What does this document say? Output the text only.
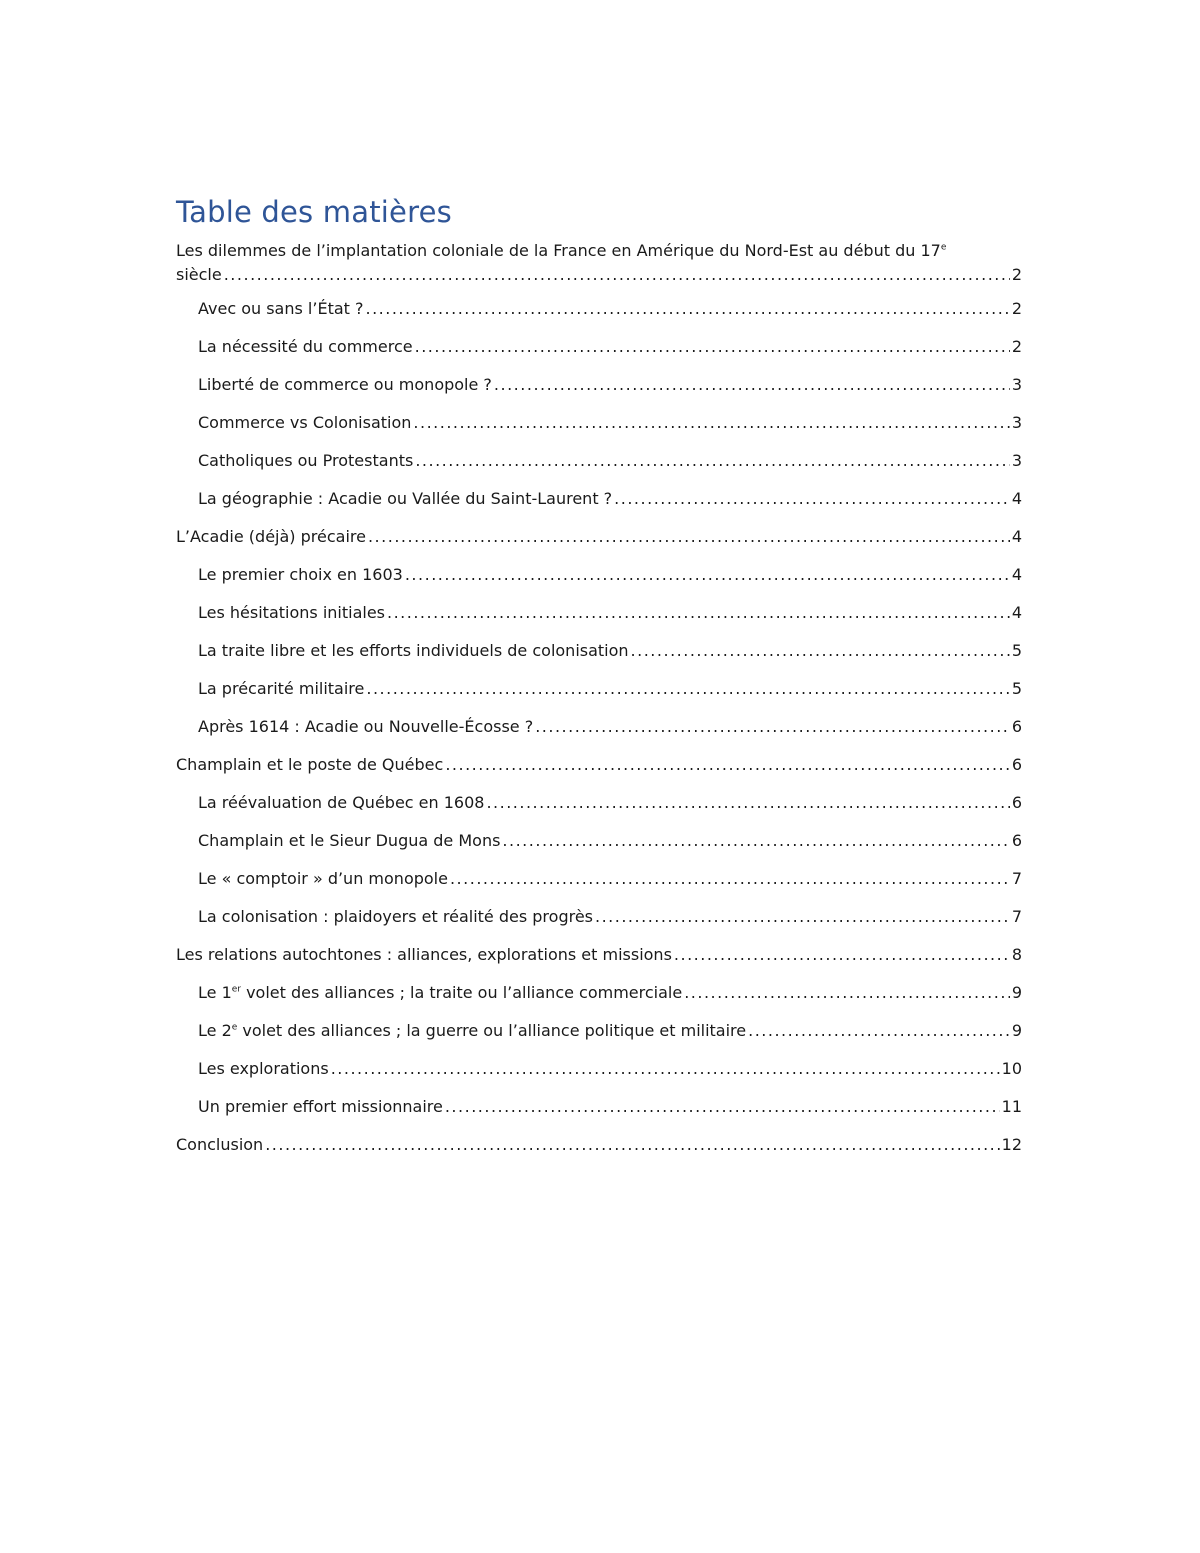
Table des matières
Les dilemmes de l’implantation coloniale de la France en Amérique du Nord-Est au début du 17e
siècle .....	2
Avec ou sans l’État ? .....	2
La nécessité du commerce .....	2
Liberté de commerce ou monopole ? .....	3
Commerce vs Colonisation .....	3
Catholiques ou Protestants .....	3
La géographie : Acadie ou Vallée du Saint-Laurent ? .....	4
L’Acadie (déjà) précaire .....	4
Le premier choix en 1603 .....	4
Les hésitations initiales .....	4
La traite libre et les efforts individuels de colonisation .....	5
La précarité militaire .....	5
Après 1614 : Acadie ou Nouvelle-Écosse ? .....	6
Champlain et le poste de Québec .....	6
La réévaluation de Québec en 1608 .....	6
Champlain et le Sieur Dugua de Mons .....	6
Le « comptoir » d’un monopole .....	7
La colonisation : plaidoyers et réalité des progrès .....	7
Les relations autochtones : alliances, explorations et missions .....	8
Le 1er volet des alliances ; la traite ou l’alliance commerciale .....	9
Le 2e volet des alliances ; la guerre ou l’alliance politique et militaire .....	9
Les explorations .....	10
Un premier effort missionnaire .....	11
Conclusion .....	12
